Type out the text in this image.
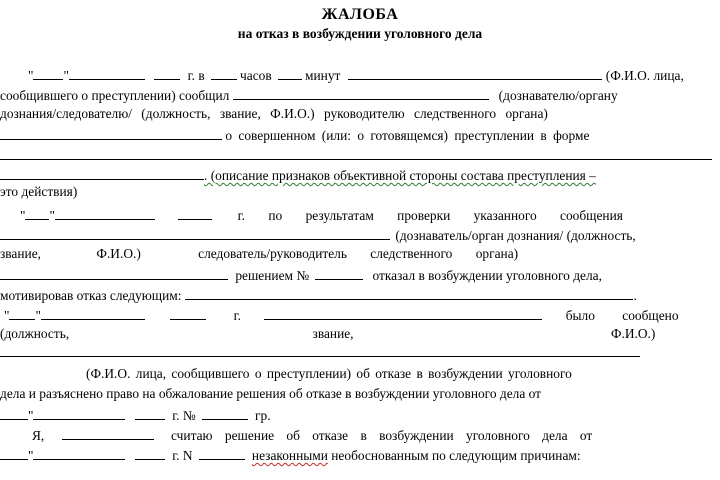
ЖАЛОБА
на отказ в возбуждении уголовного дела
" "	г. в	часов минут	(Ф.И.О. лица,
сообщившего о преступлении) сообщил	(дознавателю/органу
дознания/следователю/ (должность, звание, Ф.И.О.) руководителю следственного органа)
о совершенном (или: о готовящемся) преступлении в форме
. (описание признаков объективной стороны состава преступления –
это действия)
" "	г. по результатам проверки указанного сообщения
(дознаватель/орган дознания/ (должность,
звание,	Ф.И.О.)	следователь/руководитель следственного органа)
решением №	отказал в возбуждении уголовного дела,
мотивировав отказ следующим:	.
" "	г.	было сообщено
(должность,	звание,	Ф.И.О.)
(Ф.И.О. лица, сообщившего о преступлении) об отказе в возбуждении уголовного
дела и разъяснено право на обжалование решения об отказе в возбуждении уголовного дела от
"	г. №	гр.
Я,	считаю решение об отказе в возбуждении уголовного дела от
"	г. N	незаконными необоснованным по следующим причинам:
